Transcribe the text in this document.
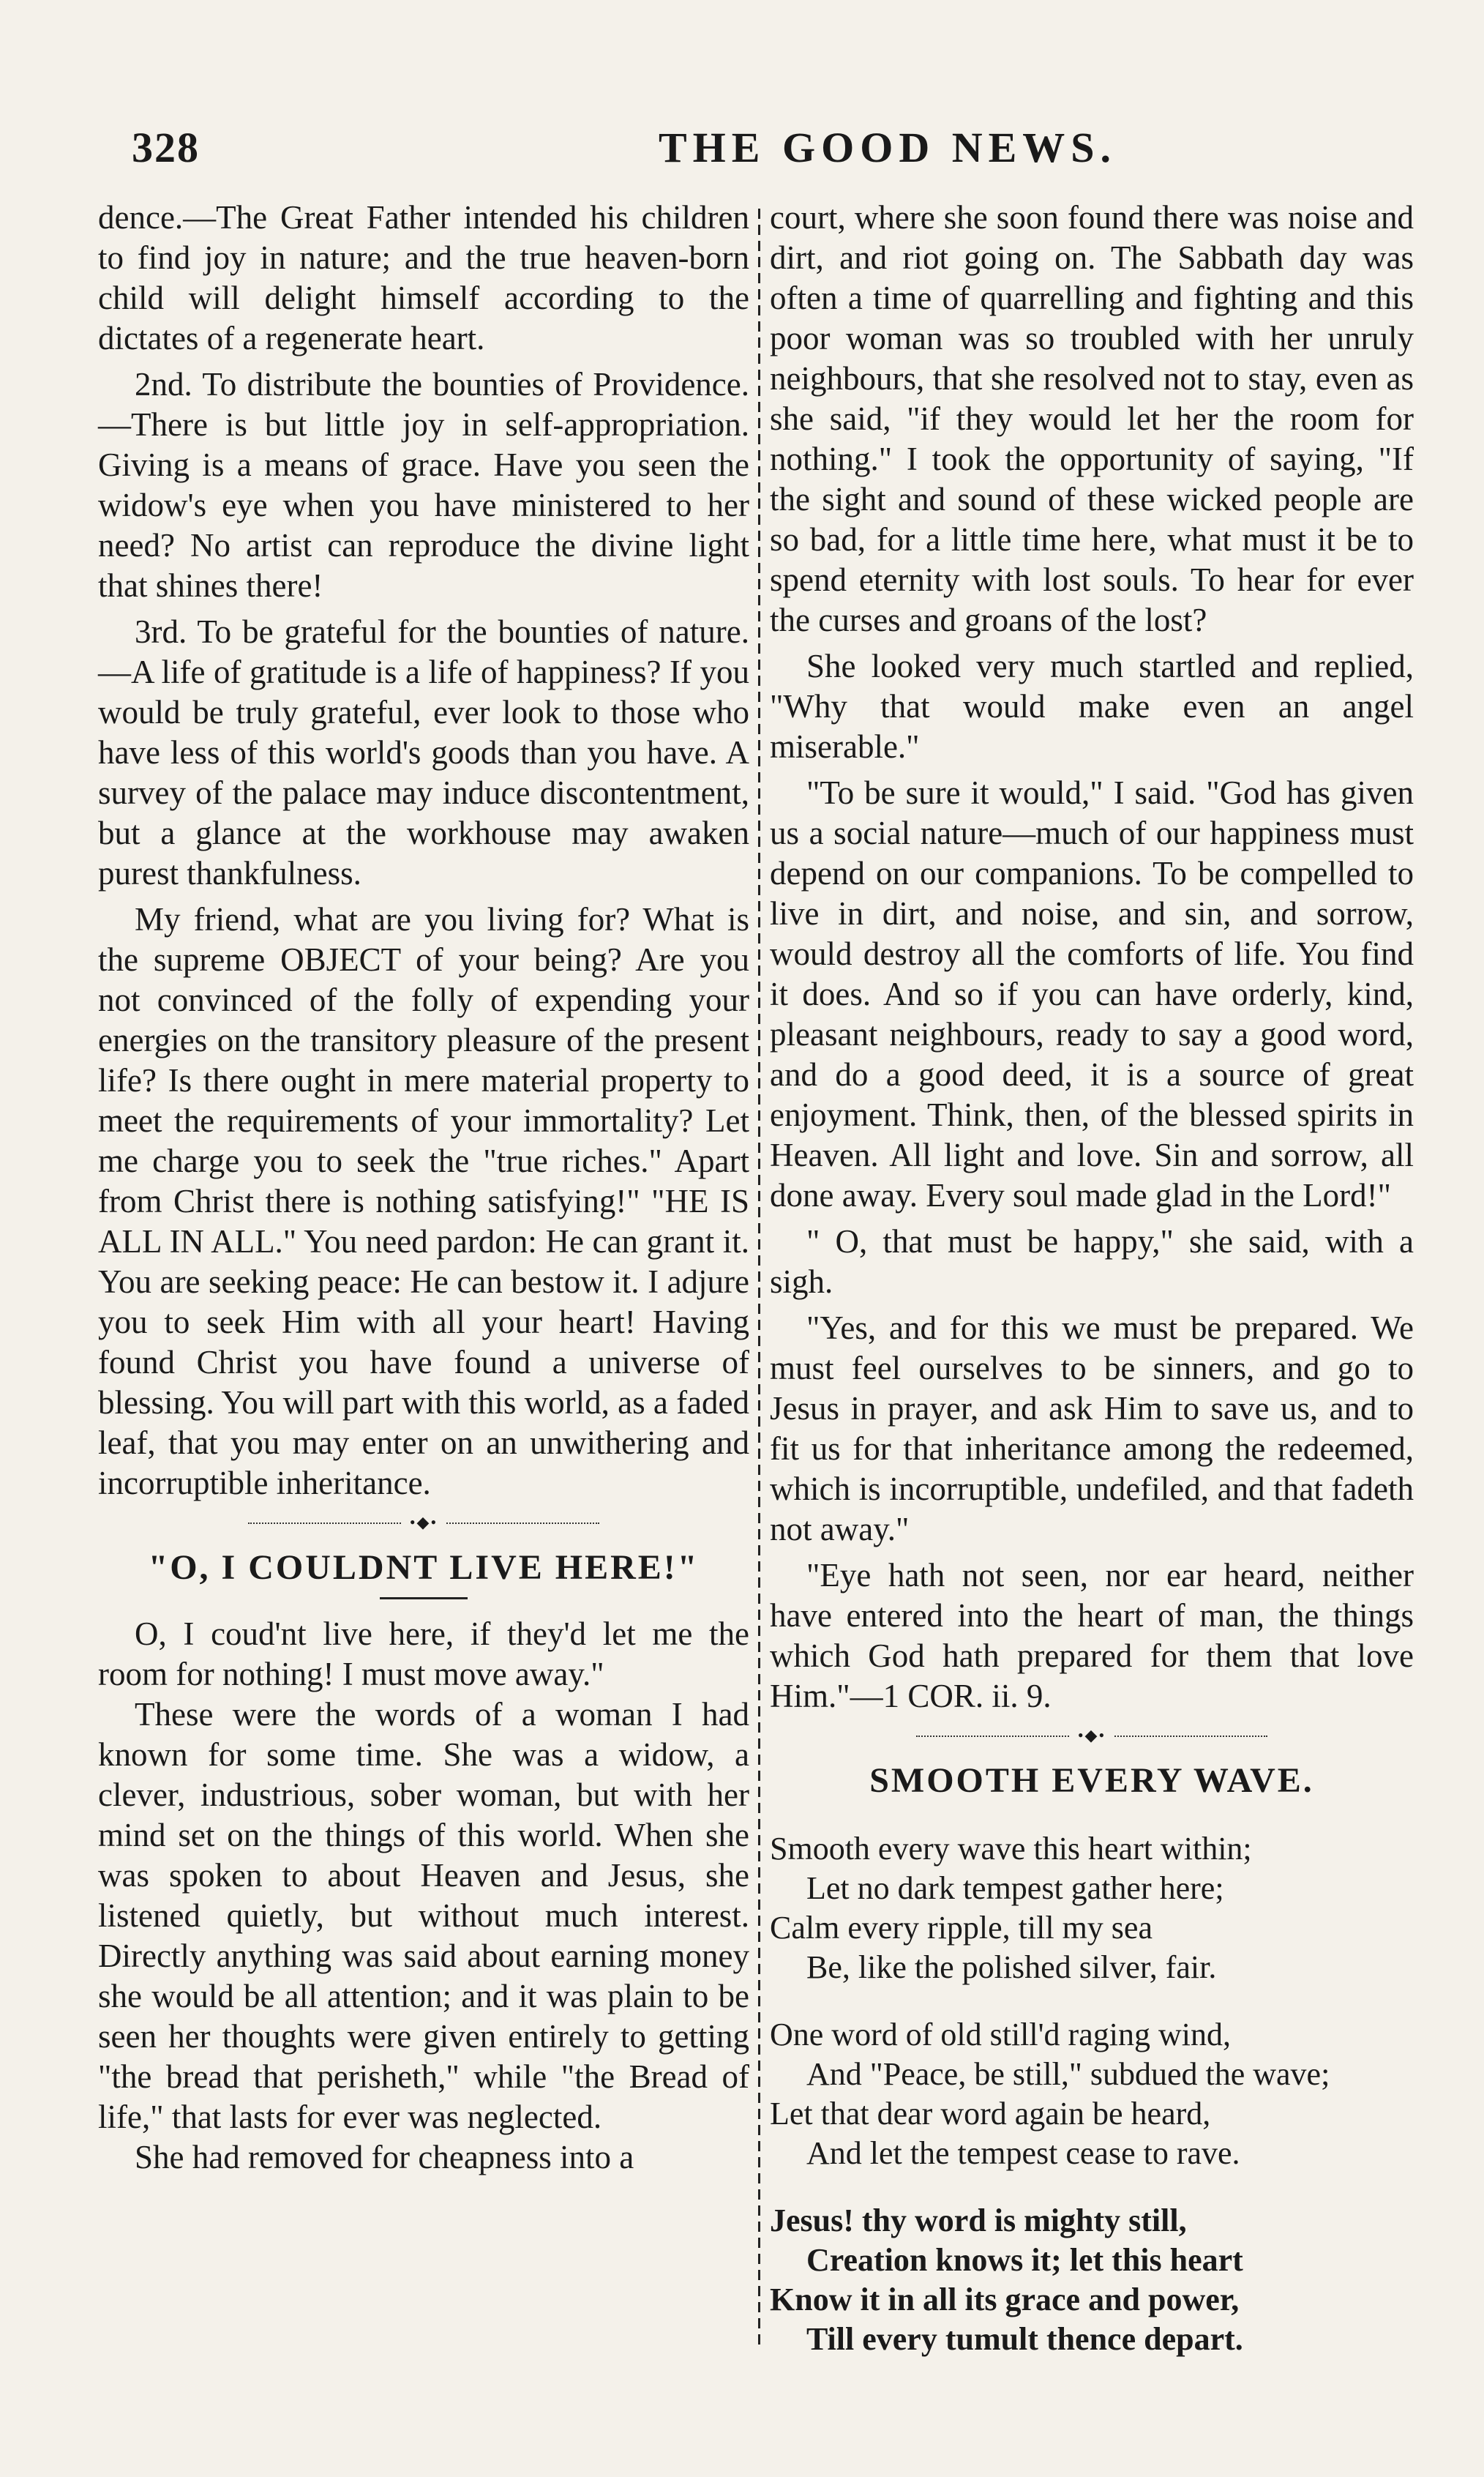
328	THE GOOD NEWS.

dence.—The Great Father intended his children to find joy in nature; and the true heaven-born child will delight himself according to the dictates of a regenerate heart.

2nd. To distribute the bounties of Providence.—There is but little joy in self-appropriation. Giving is a means of grace. Have you seen the widow's eye when you have ministered to her need? No artist can reproduce the divine light that shines there!

3rd. To be grateful for the bounties of nature.—A life of gratitude is a life of happiness? If you would be truly grateful, ever look to those who have less of this world's goods than you have. A survey of the palace may induce discontentment, but a glance at the workhouse may awaken purest thankfulness.

My friend, what are you living for? What is the supreme OBJECT of your being? Are you not convinced of the folly of expending your energies on the transitory pleasure of the present life? Is there ought in mere material property to meet the requirements of your immortality? Let me charge you to seek the "true riches." Apart from Christ there is nothing satisfying!" "HE IS ALL IN ALL." You need pardon: He can grant it. You are seeking peace: He can bestow it. I adjure you to seek Him with all your heart! Having found Christ you have found a universe of blessing. You will part with this world, as a faded leaf, that you may enter on an unwithering and incorruptible inheritance.

•◆•
"O, I COULDNT LIVE HERE!"

O, I coud'nt live here, if they'd let me the room for nothing! I must move away."

These were the words of a woman I had known for some time. She was a widow, a clever, industrious, sober woman, but with her mind set on the things of this world. When she was spoken to about Heaven and Jesus, she listened quietly, but without much interest. Directly anything was said about earning money she would be all attention; and it was plain to be seen her thoughts were given entirely to getting "the bread that perisheth," while "the Bread of life," that lasts for ever was neglected.

She had removed for cheapness into a

court, where she soon found there was noise and dirt, and riot going on. The Sabbath day was often a time of quarrelling and fighting and this poor woman was so troubled with her unruly neighbours, that she resolved not to stay, even as she said, "if they would let her the room for nothing." I took the opportunity of saying, "If the sight and sound of these wicked people are so bad, for a little time here, what must it be to spend eternity with lost souls. To hear for ever the curses and groans of the lost?

She looked very much startled and replied, "Why that would make even an angel miserable."

"To be sure it would," I said. "God has given us a social nature—much of our happiness must depend on our companions. To be compelled to live in dirt, and noise, and sin, and sorrow, would destroy all the comforts of life. You find it does. And so if you can have orderly, kind, pleasant neighbours, ready to say a good word, and do a good deed, it is a source of great enjoyment. Think, then, of the blessed spirits in Heaven. All light and love. Sin and sorrow, all done away. Every soul made glad in the Lord!"

" O, that must be happy," she said, with a sigh.

"Yes, and for this we must be prepared. We must feel ourselves to be sinners, and go to Jesus in prayer, and ask Him to save us, and to fit us for that inheritance among the redeemed, which is incorruptible, undefiled, and that fadeth not away."

"Eye hath not seen, nor ear heard, neither have entered into the heart of man, the things which God hath prepared for them that love Him."—1 COR. ii. 9.

•◆•
SMOOTH EVERY WAVE.
Smooth every wave this heart within;
Let no dark tempest gather here;
Calm every ripple, till my sea
Be, like the polished silver, fair.
One word of old still'd raging wind,
And "Peace, be still," subdued the wave;
Let that dear word again be heard,
And let the tempest cease to rave.
Jesus! thy word is mighty still,
Creation knows it; let this heart
Know it in all its grace and power,
Till every tumult thence depart.
